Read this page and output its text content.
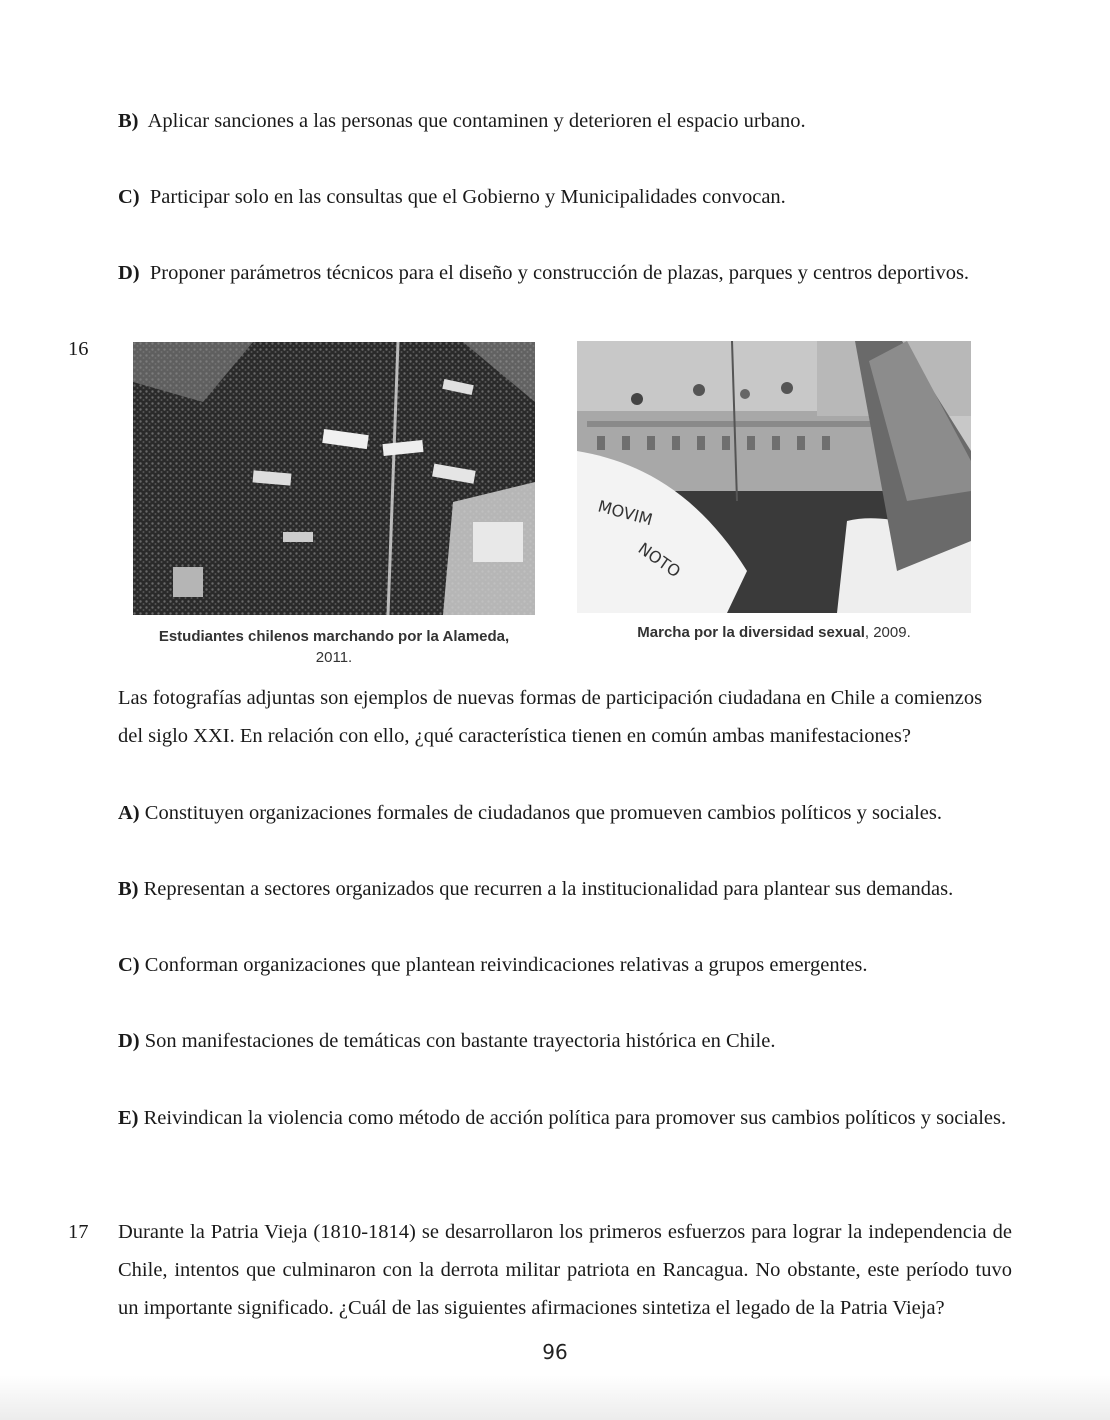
B) Aplicar sanciones a las personas que contaminen y deterioren el espacio urbano.
C) Participar solo en las consultas que el Gobierno y Municipalidades convocan.
D) Proponer parámetros técnicos para el diseño y construcción de plazas, parques y centros deportivos.
16
Estudiantes chilenos marchando por la Alameda,
2011.
MOVIM
NOTO
Marcha por la diversidad sexual, 2009.
Las fotografías adjuntas son ejemplos de nuevas formas de participación ciudadana en Chile a comienzos
del siglo XXI. En relación con ello, ¿qué característica tienen en común ambas manifestaciones?
A) Constituyen organizaciones formales de ciudadanos que promueven cambios políticos y sociales.
B) Representan a sectores organizados que recurren a la institucionalidad para plantear sus demandas.
C) Conforman organizaciones que plantean reivindicaciones relativas a grupos emergentes.
D) Son manifestaciones de temáticas con bastante trayectoria histórica en Chile.
E) Reivindican la violencia como método de acción política para promover sus cambios políticos y sociales.
17 Durante la Patria Vieja (1810-1814) se desarrollaron los primeros esfuerzos para lograr la independencia de Chile, intentos que culminaron con la derrota militar patriota en Rancagua. No obstante, este período tuvo un importante significado. ¿Cuál de las siguientes afirmaciones sintetiza el legado de la Patria Vieja?
96
